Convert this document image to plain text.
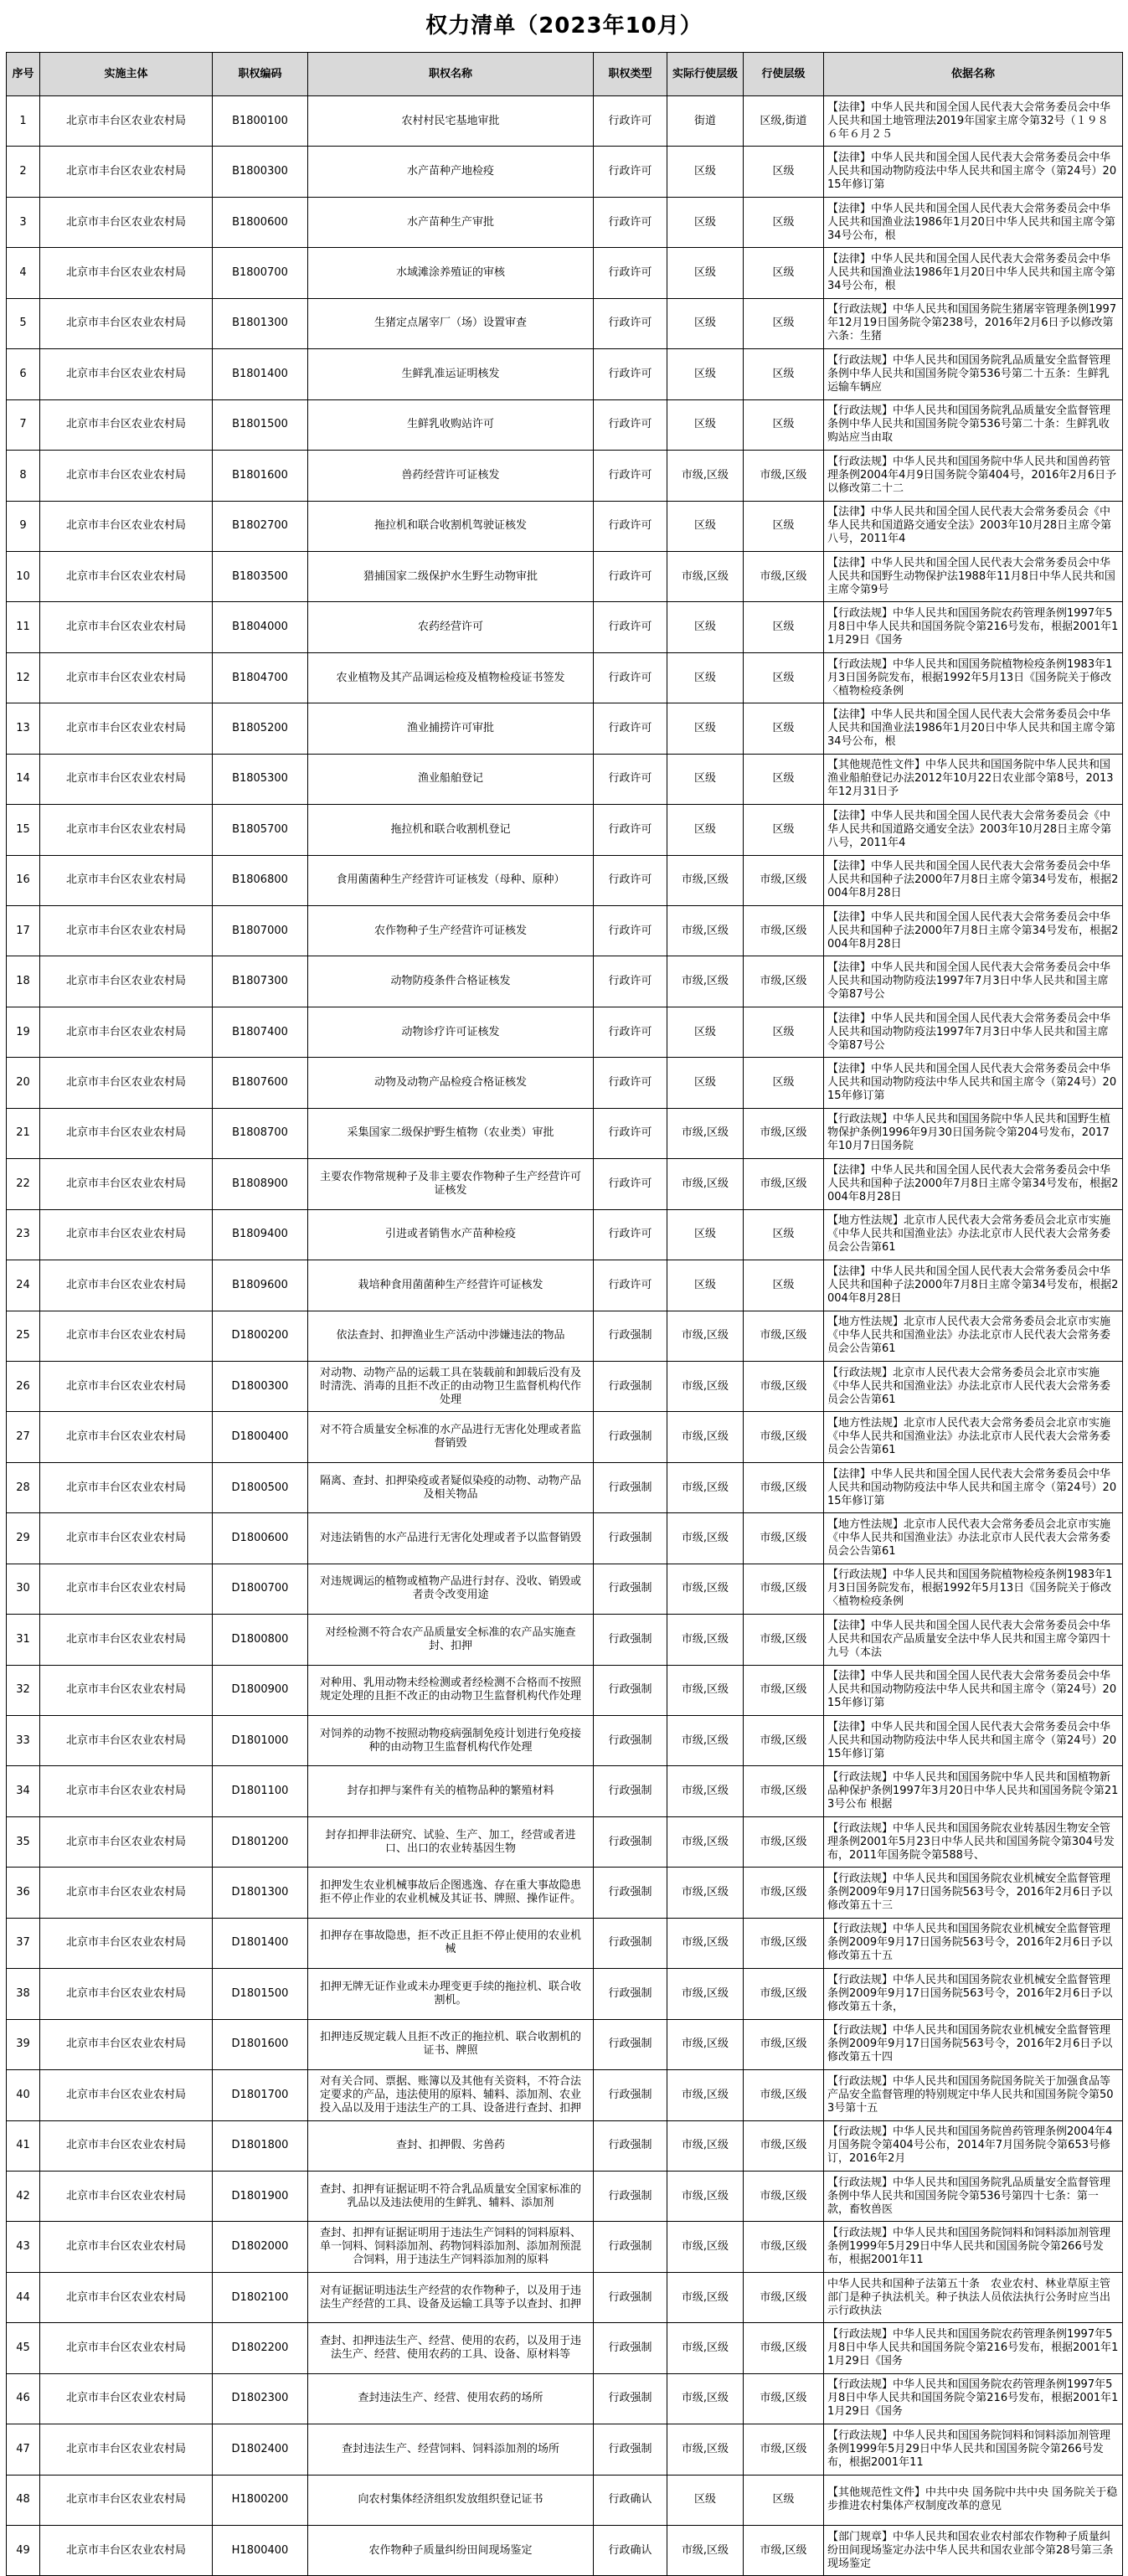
权力清单（2023年10月）
序号	实施主体	职权编码	职权名称	职权类型	实际行使层级	行使层级	依据名称
1	北京市丰台区农业农村局	B1800100	农村村民宅基地审批	行政许可	街道	区级,街道	【法律】中华人民共和国全国人民代表大会常务委员会中华人民共和国土地管理法2019年国家主席令第32号（１９８６年６月２５

2	北京市丰台区农业农村局	B1800300	水产苗种产地检疫	行政许可	区级	区级	【法律】中华人民共和国全国人民代表大会常务委员会中华人民共和国动物防疫法中华人民共和国主席令（第24号）2015年修订第

3	北京市丰台区农业农村局	B1800600	水产苗种生产审批	行政许可	区级	区级	【法律】中华人民共和国全国人民代表大会常务委员会中华人民共和国渔业法1986年1月20日中华人民共和国主席令第34号公布，根

4	北京市丰台区农业农村局	B1800700	水域滩涂养殖证的审核	行政许可	区级	区级	【法律】中华人民共和国全国人民代表大会常务委员会中华人民共和国渔业法1986年1月20日中华人民共和国主席令第34号公布，根

5	北京市丰台区农业农村局	B1801300	生猪定点屠宰厂（场）设置审查	行政许可	区级	区级	【行政法规】中华人民共和国国务院生猪屠宰管理条例1997年12月19日国务院令第238号，2016年2月6日予以修改第六条：生猪

6	北京市丰台区农业农村局	B1801400	生鲜乳准运证明核发	行政许可	区级	区级	【行政法规】中华人民共和国国务院乳品质量安全监督管理条例中华人民共和国国务院令第536号第二十五条：生鲜乳运输车辆应

7	北京市丰台区农业农村局	B1801500	生鲜乳收购站许可	行政许可	区级	区级	【行政法规】中华人民共和国国务院乳品质量安全监督管理条例中华人民共和国国务院令第536号第二十条：生鲜乳收购站应当由取

8	北京市丰台区农业农村局	B1801600	兽药经营许可证核发	行政许可	市级,区级	市级,区级	【行政法规】中华人民共和国国务院中华人民共和国兽药管理条例2004年4月9日国务院令第404号，2016年2月6日予以修改第二十二

9	北京市丰台区农业农村局	B1802700	拖拉机和联合收割机驾驶证核发	行政许可	区级	区级	【法律】中华人民共和国全国人民代表大会常务委员会《中华人民共和国道路交通安全法》2003年10月28日主席令第八号，2011年4

10	北京市丰台区农业农村局	B1803500	猎捕国家二级保护水生野生动物审批	行政许可	市级,区级	市级,区级	【法律】中华人民共和国全国人民代表大会常务委员会中华人民共和国野生动物保护法1988年11月8日中华人民共和国主席令第9号

11	北京市丰台区农业农村局	B1804000	农药经营许可	行政许可	区级	区级	【行政法规】中华人民共和国国务院农药管理条例1997年5月8日中华人民共和国国务院令第216号发布，根据2001年11月29日《国务

12	北京市丰台区农业农村局	B1804700	农业植物及其产品调运检疫及植物检疫证书签发	行政许可	区级	区级	【行政法规】中华人民共和国国务院植物检疫条例1983年1月3日国务院发布，根据1992年5月13日《国务院关于修改〈植物检疫条例

13	北京市丰台区农业农村局	B1805200	渔业捕捞许可审批	行政许可	区级	区级	【法律】中华人民共和国全国人民代表大会常务委员会中华人民共和国渔业法1986年1月20日中华人民共和国主席令第34号公布，根

14	北京市丰台区农业农村局	B1805300	渔业船舶登记	行政许可	区级	区级	【其他规范性文件】中华人民共和国国务院中华人民共和国渔业船舶登记办法2012年10月22日农业部令第8号，2013年12月31日予

15	北京市丰台区农业农村局	B1805700	拖拉机和联合收割机登记	行政许可	区级	区级	【法律】中华人民共和国全国人民代表大会常务委员会《中华人民共和国道路交通安全法》2003年10月28日主席令第八号，2011年4

16	北京市丰台区农业农村局	B1806800	食用菌菌种生产经营许可证核发（母种、原种）	行政许可	市级,区级	市级,区级	【法律】中华人民共和国全国人民代表大会常务委员会中华人民共和国种子法2000年7月8日主席令第34号发布，根据2004年8月28日

17	北京市丰台区农业农村局	B1807000	农作物种子生产经营许可证核发	行政许可	市级,区级	市级,区级	【法律】中华人民共和国全国人民代表大会常务委员会中华人民共和国种子法2000年7月8日主席令第34号发布，根据2004年8月28日

18	北京市丰台区农业农村局	B1807300	动物防疫条件合格证核发	行政许可	市级,区级	市级,区级	【法律】中华人民共和国全国人民代表大会常务委员会中华人民共和国动物防疫法1997年7月3日中华人民共和国主席令第87号公

19	北京市丰台区农业农村局	B1807400	动物诊疗许可证核发	行政许可	区级	区级	【法律】中华人民共和国全国人民代表大会常务委员会中华人民共和国动物防疫法1997年7月3日中华人民共和国主席令第87号公

20	北京市丰台区农业农村局	B1807600	动物及动物产品检疫合格证核发	行政许可	区级	区级	【法律】中华人民共和国全国人民代表大会常务委员会中华人民共和国动物防疫法中华人民共和国主席令（第24号）2015年修订第

21	北京市丰台区农业农村局	B1808700	采集国家二级保护野生植物（农业类）审批	行政许可	市级,区级	市级,区级	【行政法规】中华人民共和国国务院中华人民共和国野生植物保护条例1996年9月30日国务院令第204号发布，2017年10月7日国务院

22	北京市丰台区农业农村局	B1808900	主要农作物常规种子及非主要农作物种子生产经营许可证核发	行政许可	市级,区级	市级,区级	【法律】中华人民共和国全国人民代表大会常务委员会中华人民共和国种子法2000年7月8日主席令第34号发布，根据2004年8月28日

23	北京市丰台区农业农村局	B1809400	引进或者销售水产苗种检疫	行政许可	区级	区级	【地方性法规】北京市人民代表大会常务委员会北京市实施《中华人民共和国渔业法》办法北京市人民代表大会常务委员会公告第61

24	北京市丰台区农业农村局	B1809600	栽培种食用菌菌种生产经营许可证核发	行政许可	区级	区级	【法律】中华人民共和国全国人民代表大会常务委员会中华人民共和国种子法2000年7月8日主席令第34号发布，根据2004年8月28日

25	北京市丰台区农业农村局	D1800200	依法查封、扣押渔业生产活动中涉嫌违法的物品	行政强制	市级,区级	市级,区级	【地方性法规】北京市人民代表大会常务委员会北京市实施《中华人民共和国渔业法》办法北京市人民代表大会常务委员会公告第61

26	北京市丰台区农业农村局	D1800300	对动物、动物产品的运载工具在装载前和卸载后没有及时清洗、消毒的且拒不改正的由动物卫生监督机构代作处理	行政强制	市级,区级	市级,区级	【行政法规】北京市人民代表大会常务委员会北京市实施《中华人民共和国渔业法》办法北京市人民代表大会常务委员会公告第61

27	北京市丰台区农业农村局	D1800400	对不符合质量安全标准的水产品进行无害化处理或者监督销毁	行政强制	市级,区级	市级,区级	【地方性法规】北京市人民代表大会常务委员会北京市实施《中华人民共和国渔业法》办法北京市人民代表大会常务委员会公告第61

28	北京市丰台区农业农村局	D1800500	隔离、查封、扣押染疫或者疑似染疫的动物、动物产品及相关物品	行政强制	市级,区级	市级,区级	【法律】中华人民共和国全国人民代表大会常务委员会中华人民共和国动物防疫法中华人民共和国主席令（第24号）2015年修订第

29	北京市丰台区农业农村局	D1800600	对违法销售的水产品进行无害化处理或者予以监督销毁	行政强制	市级,区级	市级,区级	【地方性法规】北京市人民代表大会常务委员会北京市实施《中华人民共和国渔业法》办法北京市人民代表大会常务委员会公告第61

30	北京市丰台区农业农村局	D1800700	对违规调运的植物或植物产品进行封存、没收、销毁或者责令改变用途	行政强制	市级,区级	市级,区级	【行政法规】中华人民共和国国务院植物检疫条例1983年1月3日国务院发布，根据1992年5月13日《国务院关于修改〈植物检疫条例

31	北京市丰台区农业农村局	D1800800	对经检测不符合农产品质量安全标准的农产品实施查封、扣押	行政强制	市级,区级	市级,区级	【法律】中华人民共和国全国人民代表大会常务委员会中华人民共和国农产品质量安全法中华人民共和国主席令第四十九号（本法

32	北京市丰台区农业农村局	D1800900	对种用、乳用动物未经检测或者经检测不合格而不按照规定处理的且拒不改正的由动物卫生监督机构代作处理	行政强制	市级,区级	市级,区级	【法律】中华人民共和国全国人民代表大会常务委员会中华人民共和国动物防疫法中华人民共和国主席令（第24号）2015年修订第

33	北京市丰台区农业农村局	D1801000	对饲养的动物不按照动物疫病强制免疫计划进行免疫接种的由动物卫生监督机构代作处理	行政强制	市级,区级	市级,区级	【法律】中华人民共和国全国人民代表大会常务委员会中华人民共和国动物防疫法中华人民共和国主席令（第24号）2015年修订第

34	北京市丰台区农业农村局	D1801100	封存扣押与案件有关的植物品种的繁殖材料	行政强制	市级,区级	市级,区级	【行政法规】中华人民共和国国务院中华人民共和国植物新品种保护条例1997年3月20日中华人民共和国国务院令第213号公布 根据

35	北京市丰台区农业农村局	D1801200	封存扣押非法研究、试验、生产、加工，经营或者进口、出口的农业转基因生物	行政强制	市级,区级	市级,区级	【行政法规】中华人民共和国国务院农业转基因生物安全管理条例2001年5月23日中华人民共和国国务院令第304号发布，2011年国务院令第588号、

36	北京市丰台区农业农村局	D1801300	扣押发生农业机械事故后企图逃逸、存在重大事故隐患拒不停止作业的农业机械及其证书、牌照、操作证件。	行政强制	市级,区级	市级,区级	【行政法规】中华人民共和国国务院农业机械安全监督管理条例2009年9月17日国务院563号令，2016年2月6日予以修改第五十三

37	北京市丰台区农业农村局	D1801400	扣押存在事故隐患，拒不改正且拒不停止使用的农业机械	行政强制	市级,区级	市级,区级	【行政法规】中华人民共和国国务院农业机械安全监督管理条例2009年9月17日国务院563号令，2016年2月6日予以修改第五十五

38	北京市丰台区农业农村局	D1801500	扣押无牌无证作业或未办理变更手续的拖拉机、联合收割机。	行政强制	市级,区级	市级,区级	【行政法规】中华人民共和国国务院农业机械安全监督管理条例2009年9月17日国务院563号令，2016年2月6日予以修改第五十条，

39	北京市丰台区农业农村局	D1801600	扣押违反规定载人且拒不改正的拖拉机、联合收割机的证书、牌照	行政强制	市级,区级	市级,区级	【行政法规】中华人民共和国国务院农业机械安全监督管理条例2009年9月17日国务院563号令，2016年2月6日予以修改第五十四

40	北京市丰台区农业农村局	D1801700	对有关合同、票据、账簿以及其他有关资料，不符合法定要求的产品，违法使用的原料、辅料、添加剂、农业投入品以及用于违法生产的工具、设备进行查封、扣押	行政强制	市级,区级	市级,区级	【行政法规】中华人民共和国国务院国务院关于加强食品等产品安全监督管理的特别规定中华人民共和国国务院令第503号第十五

41	北京市丰台区农业农村局	D1801800	查封、扣押假、劣兽药	行政强制	市级,区级	市级,区级	【行政法规】中华人民共和国国务院兽药管理条例2004年4月国务院令第404号公布，2014年7月国务院令第653号修订，2016年2月

42	北京市丰台区农业农村局	D1801900	查封、扣押有证据证明不符合乳品质量安全国家标准的乳品以及违法使用的生鲜乳、辅料、添加剂	行政强制	市级,区级	市级,区级	【行政法规】中华人民共和国国务院乳品质量安全监督管理条例中华人民共和国国务院令第536号第四十七条：第一款，畜牧兽医

43	北京市丰台区农业农村局	D1802000	查封、扣押有证据证明用于违法生产饲料的饲料原料、单一饲料、饲料添加剂、药物饲料添加剂、添加剂预混合饲料，用于违法生产饲料添加剂的原料	行政强制	市级,区级	市级,区级	【行政法规】中华人民共和国国务院饲料和饲料添加剂管理条例1999年5月29日中华人民共和国国务院令第266号发布，根据2001年11

44	北京市丰台区农业农村局	D1802100	对有证据证明违法生产经营的农作物种子，以及用于违法生产经营的工具、设备及运输工具等予以查封、扣押	行政强制	市级,区级	市级,区级	中华人民共和国种子法第五十条　农业农村、林业草原主管部门是种子执法机关。种子执法人员依法执行公务时应当出示行政执法

45	北京市丰台区农业农村局	D1802200	查封、扣押违法生产、经营、使用的农药，以及用于违法生产、经营、使用农药的工具、设备、原材料等	行政强制	市级,区级	市级,区级	【行政法规】中华人民共和国国务院农药管理条例1997年5月8日中华人民共和国国务院令第216号发布，根据2001年11月29日《国务

46	北京市丰台区农业农村局	D1802300	查封违法生产、经营、使用农药的场所	行政强制	市级,区级	市级,区级	【行政法规】中华人民共和国国务院农药管理条例1997年5月8日中华人民共和国国务院令第216号发布，根据2001年11月29日《国务

47	北京市丰台区农业农村局	D1802400	查封违法生产、经营饲料、饲料添加剂的场所	行政强制	市级,区级	市级,区级	【行政法规】中华人民共和国国务院饲料和饲料添加剂管理条例1999年5月29日中华人民共和国国务院令第266号发布，根据2001年11

48	北京市丰台区农业农村局	H1800200	向农村集体经济组织发放组织登记证书	行政确认	区级	区级	【其他规范性文件】中共中央 国务院中共中央 国务院关于稳步推进农村集体产权制度改革的意见

49	北京市丰台区农业农村局	H1800400	农作物种子质量纠纷田间现场鉴定	行政确认	市级,区级	市级,区级	【部门规章】中华人民共和国农业农村部农作物种子质量纠纷田间现场鉴定办法中华人民共和国农业部令第28号第三条　现场鉴定
